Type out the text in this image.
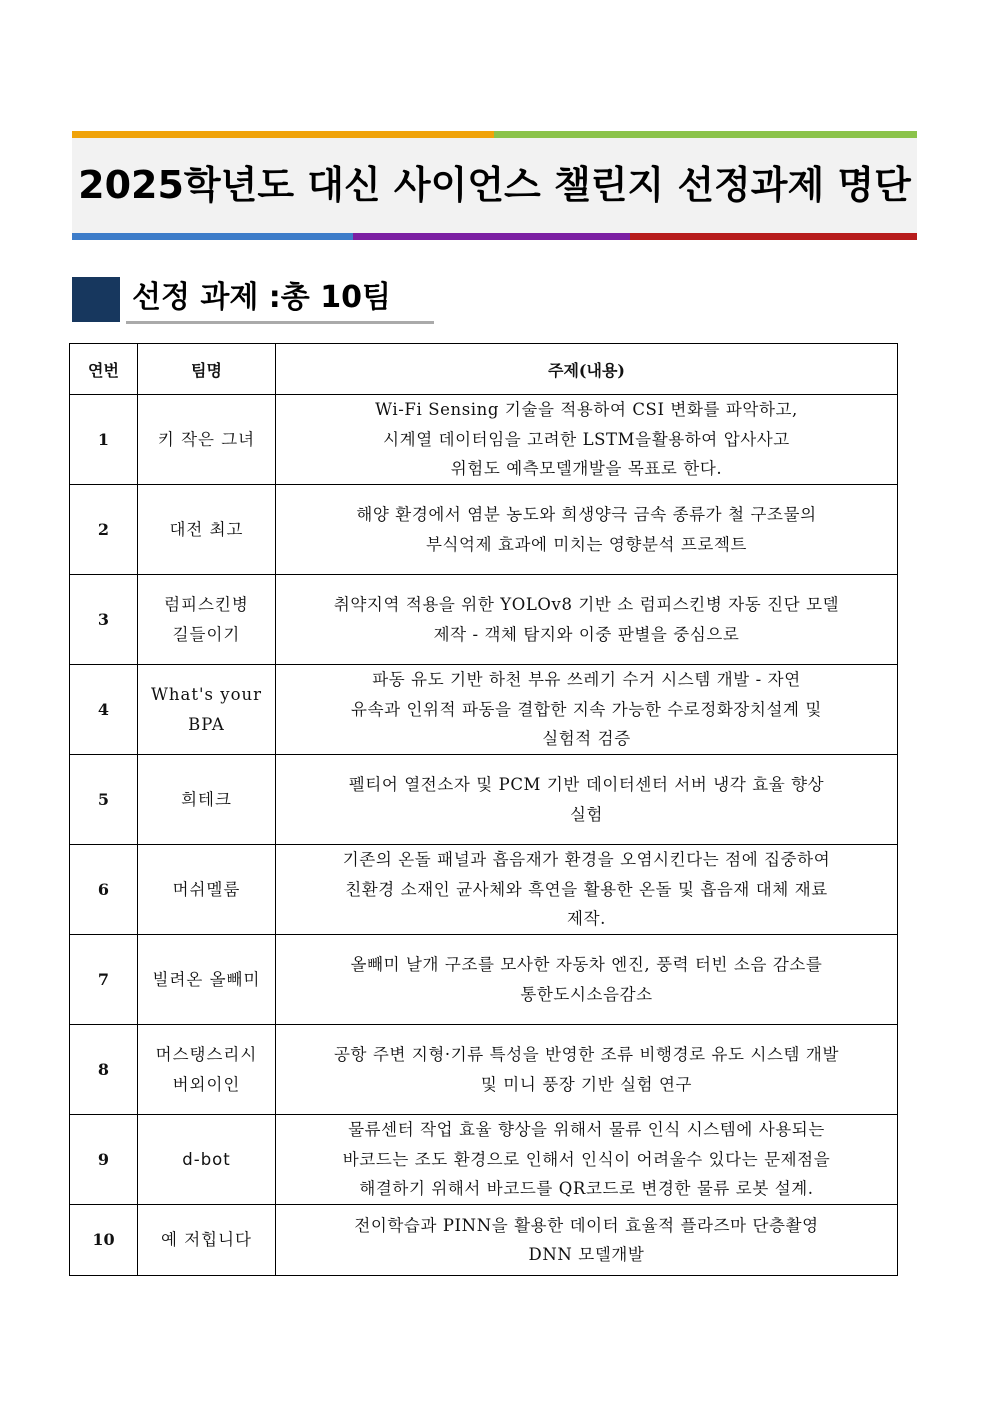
2025학년도 대신 사이언스 챌린지 선정과제 명단
선정 과제 :총 10팀
연번	팀명	주제(내용)
1	키 작은 그녀	Wi-Fi Sensing 기술을 적용하여 CSI 변화를 파악하고,
시계열 데이터임을 고려한 LSTM을활용하여 압사사고
위험도 예측모델개발을 목표로 한다.

2	대전 최고	해양 환경에서 염분 농도와 희생양극 금속 종류가 철 구조물의
부식억제 효과에 미치는 영향분석 프로젝트

3	럼피스킨병
길들이기	취약지역 적용을 위한 YOLOv8 기반 소 럼피스킨병 자동 진단 모델
제작 - 객체 탐지와 이중 판별을 중심으로

4	What's your
BPA	파동 유도 기반 하천 부유 쓰레기 수거 시스템 개발 - 자연
유속과 인위적 파동을 결합한 지속 가능한 수로정화장치설계 및
실험적 검증

5	희테크	펠티어 열전소자 및 PCM 기반 데이터센터 서버 냉각 효율 향상
실험

6	머쉬멜룸	기존의 온돌 패널과 흡음재가 환경을 오염시킨다는 점에 집중하여
친환경 소재인 균사체와 흑연을 활용한 온돌 및 흡음재 대체 재료
제작.

7	빌려온 올빼미	올빼미 날개 구조를 모사한 자동차 엔진, 풍력 터빈 소음 감소를
통한도시소음감소

8	머스탱스리시
버외이인	공항 주변 지형·기류 특성을 반영한 조류 비행경로 유도 시스템 개발
및 미니 풍장 기반 실험 연구

9	d-bot	물류센터 작업 효율 향상을 위해서 물류 인식 시스템에 사용되는
바코드는 조도 환경으로 인해서 인식이 어려울수 있다는 문제점을
해결하기 위해서 바코드를 QR코드로 변경한 물류 로봇 설계.

10	예 저힙니다	전이학습과 PINN을 활용한 데이터 효율적 플라즈마 단층촬영
DNN 모델개발
